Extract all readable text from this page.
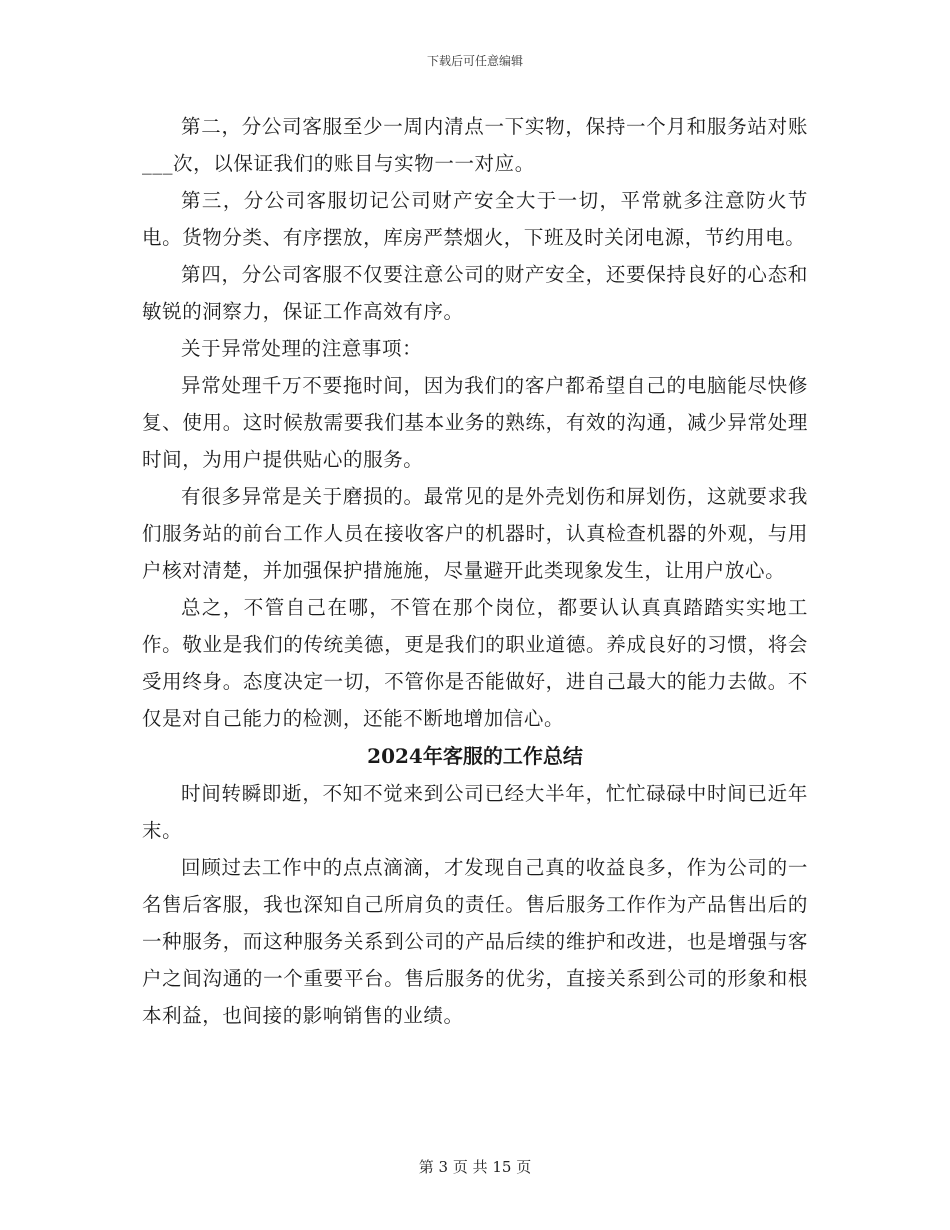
下载后可任意编辑

第二，分公司客服至少一周内清点一下实物，保持一个月和服务站对账___次，以保证我们的账目与实物一一对应。

第三，分公司客服切记公司财产安全大于一切，平常就多注意防火节电。货物分类、有序摆放，库房严禁烟火，下班及时关闭电源，节约用电。

第四，分公司客服不仅要注意公司的财产安全，还要保持良好的心态和敏锐的洞察力，保证工作高效有序。

关于异常处理的注意事项：

异常处理千万不要拖时间，因为我们的客户都希望自己的电脑能尽快修复、使用。这时候敖需要我们基本业务的熟练，有效的沟通，减少异常处理时间，为用户提供贴心的服务。

有很多异常是关于磨损的。最常见的是外壳划伤和屏划伤，这就要求我们服务站的前台工作人员在接收客户的机器时，认真检查机器的外观，与用户核对清楚，并加强保护措施施，尽量避开此类现象发生，让用户放心。

总之，不管自己在哪，不管在那个岗位，都要认认真真踏踏实实地工作。敬业是我们的传统美德，更是我们的职业道德。养成良好的习惯，将会受用终身。态度决定一切，不管你是否能做好，进自己最大的能力去做。不仅是对自己能力的检测，还能不断地增加信心。

2024年客服的工作总结

时间转瞬即逝，不知不觉来到公司已经大半年，忙忙碌碌中时间已近年末。

回顾过去工作中的点点滴滴，才发现自己真的收益良多，作为公司的一名售后客服，我也深知自己所肩负的责任。售后服务工作作为产品售出后的一种服务，而这种服务关系到公司的产品后续的维护和改进，也是增强与客户之间沟通的一个重要平台。售后服务的优劣，直接关系到公司的形象和根本利益，也间接的影响销售的业绩。

第 3 页 共 15 页
